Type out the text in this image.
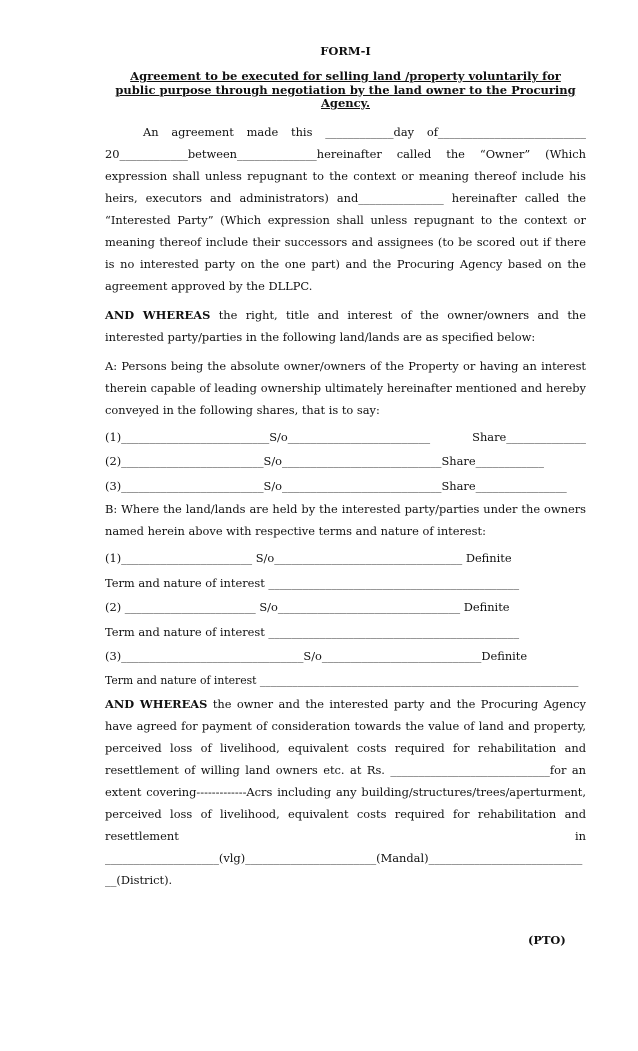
FORM-I
Agreement to be executed for selling land /property voluntarily for public purpose through negotiation by the land owner to the Procuring Agency.

An agreement made this ____________day of__________________________ 20____________between______________hereinafter called the “Owner” (Which expression shall unless repugnant to the context or meaning thereof include his heirs, executors and administrators) and_______________ hereinafter called the “Interested Party” (Which expression shall unless repugnant to the context or meaning thereof include their successors and assignees (to be scored out if there is no interested party on the one part) and the Procuring Agency based on the agreement approved by the DLLPC.

AND WHEREAS the right, title and interest of the owner/owners and the interested party/parties in the following land/lands are as specified below:

A: Persons being the absolute owner/owners of the Property or having an interest therein capable of leading ownership ultimately hereinafter mentioned and hereby conveyed in the following shares, that is to say:

(1)__________________________S/o_________________________	Share______________
(2)_________________________S/o____________________________Share____________
(3)_________________________S/o____________________________Share________________

B: Where the land/lands are held by the interested party/parties under the owners named herein above with respective terms and nature of interest:

(1)_______________________ S/o_________________________________ Definite
Term and nature of interest ____________________________________________
(2) _______________________ S/o________________________________ Definite
Term and nature of interest ____________________________________________
(3)________________________________S/o____________________________Definite
Term and nature of interest ___________________________________________________________

AND WHEREAS the owner and the interested party and the Procuring Agency have agreed for payment of consideration towards the value of land and property, perceived loss of livelihood, equivalent costs required for rehabilitation and resettlement of willing land owners etc. at Rs. ____________________________for an extent covering-------------Acrs including any building/structures/trees/aperturment, perceived loss of livelihood, equivalent costs required for rehabilitation and resettlement in ____________________(vlg)_______________________(Mandal)___________________________ __(District).

(PTO)
